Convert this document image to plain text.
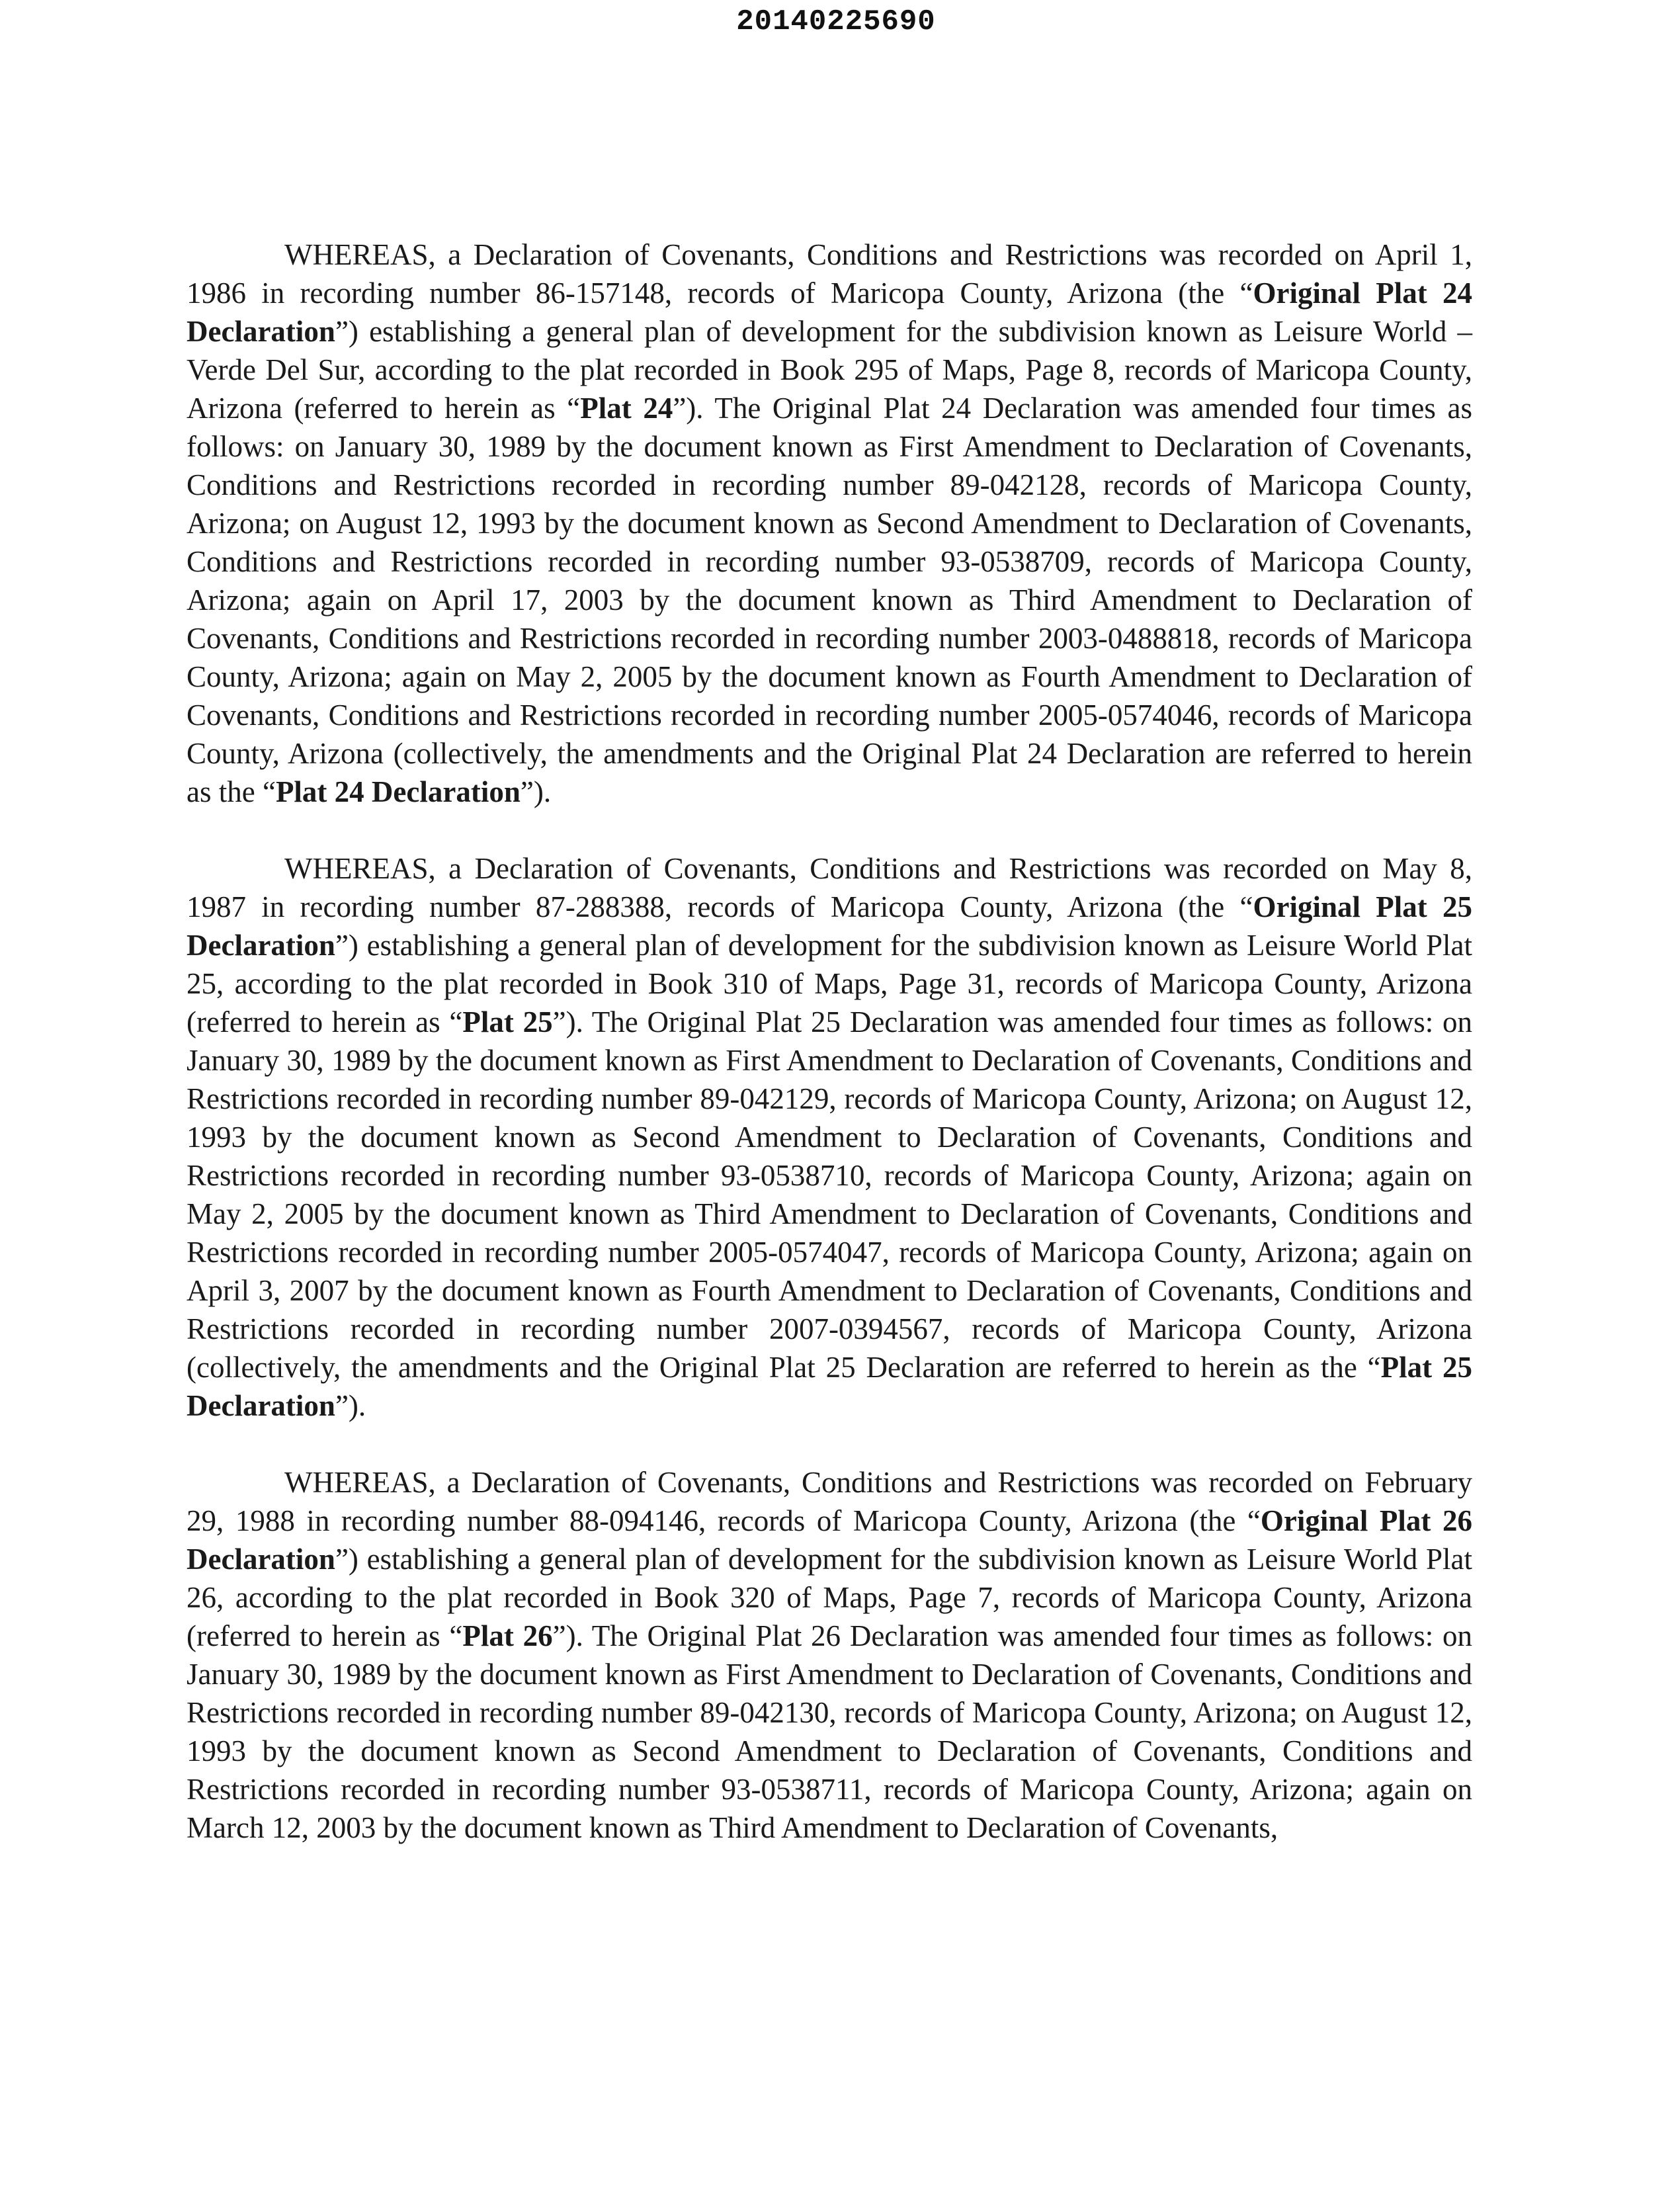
20140225690

WHEREAS, a Declaration of Covenants, Conditions and Restrictions was recorded on April 1, 1986 in recording number 86-157148, records of Maricopa County, Arizona (the “Original Plat 24 Declaration”) establishing a general plan of development for the subdivision known as Leisure World – Verde Del Sur, according to the plat recorded in Book 295 of Maps, Page 8, records of Maricopa County, Arizona (referred to herein as “Plat 24”). The Original Plat 24 Declaration was amended four times as follows: on January 30, 1989 by the document known as First Amendment to Declaration of Covenants, Conditions and Restrictions recorded in recording number 89-042128, records of Maricopa County, Arizona; on August 12, 1993 by the document known as Second Amendment to Declaration of Covenants, Conditions and Restrictions recorded in recording number 93-0538709, records of Maricopa County, Arizona; again on April 17, 2003 by the document known as Third Amendment to Declaration of Covenants, Conditions and Restrictions recorded in recording number 2003-0488818, records of Maricopa County, Arizona; again on May 2, 2005 by the document known as Fourth Amendment to Declaration of Covenants, Conditions and Restrictions recorded in recording number 2005-0574046, records of Maricopa County, Arizona (collectively, the amendments and the Original Plat 24 Declaration are referred to herein as the “Plat 24 Declaration”).

WHEREAS, a Declaration of Covenants, Conditions and Restrictions was recorded on May 8, 1987 in recording number 87-288388, records of Maricopa County, Arizona (the “Original Plat 25 Declaration”) establishing a general plan of development for the subdivision known as Leisure World Plat 25, according to the plat recorded in Book 310 of Maps, Page 31, records of Maricopa County, Arizona (referred to herein as “Plat 25”). The Original Plat 25 Declaration was amended four times as follows: on January 30, 1989 by the document known as First Amendment to Declaration of Covenants, Conditions and Restrictions recorded in recording number 89-042129, records of Maricopa County, Arizona; on August 12, 1993 by the document known as Second Amendment to Declaration of Covenants, Conditions and Restrictions recorded in recording number 93-0538710, records of Maricopa County, Arizona; again on May 2, 2005 by the document known as Third Amendment to Declaration of Covenants, Conditions and Restrictions recorded in recording number 2005-0574047, records of Maricopa County, Arizona; again on April 3, 2007 by the document known as Fourth Amendment to Declaration of Covenants, Conditions and Restrictions recorded in recording number 2007-0394567, records of Maricopa County, Arizona (collectively, the amendments and the Original Plat 25 Declaration are referred to herein as the “Plat 25 Declaration”).

WHEREAS, a Declaration of Covenants, Conditions and Restrictions was recorded on February 29, 1988 in recording number 88-094146, records of Maricopa County, Arizona (the “Original Plat 26 Declaration”) establishing a general plan of development for the subdivision known as Leisure World Plat 26, according to the plat recorded in Book 320 of Maps, Page 7, records of Maricopa County, Arizona (referred to herein as “Plat 26”). The Original Plat 26 Declaration was amended four times as follows: on January 30, 1989 by the document known as First Amendment to Declaration of Covenants, Conditions and Restrictions recorded in recording number 89-042130, records of Maricopa County, Arizona; on August 12, 1993 by the document known as Second Amendment to Declaration of Covenants, Conditions and Restrictions recorded in recording number 93-0538711, records of Maricopa County, Arizona; again on March 12, 2003 by the document known as Third Amendment to Declaration of Covenants,
